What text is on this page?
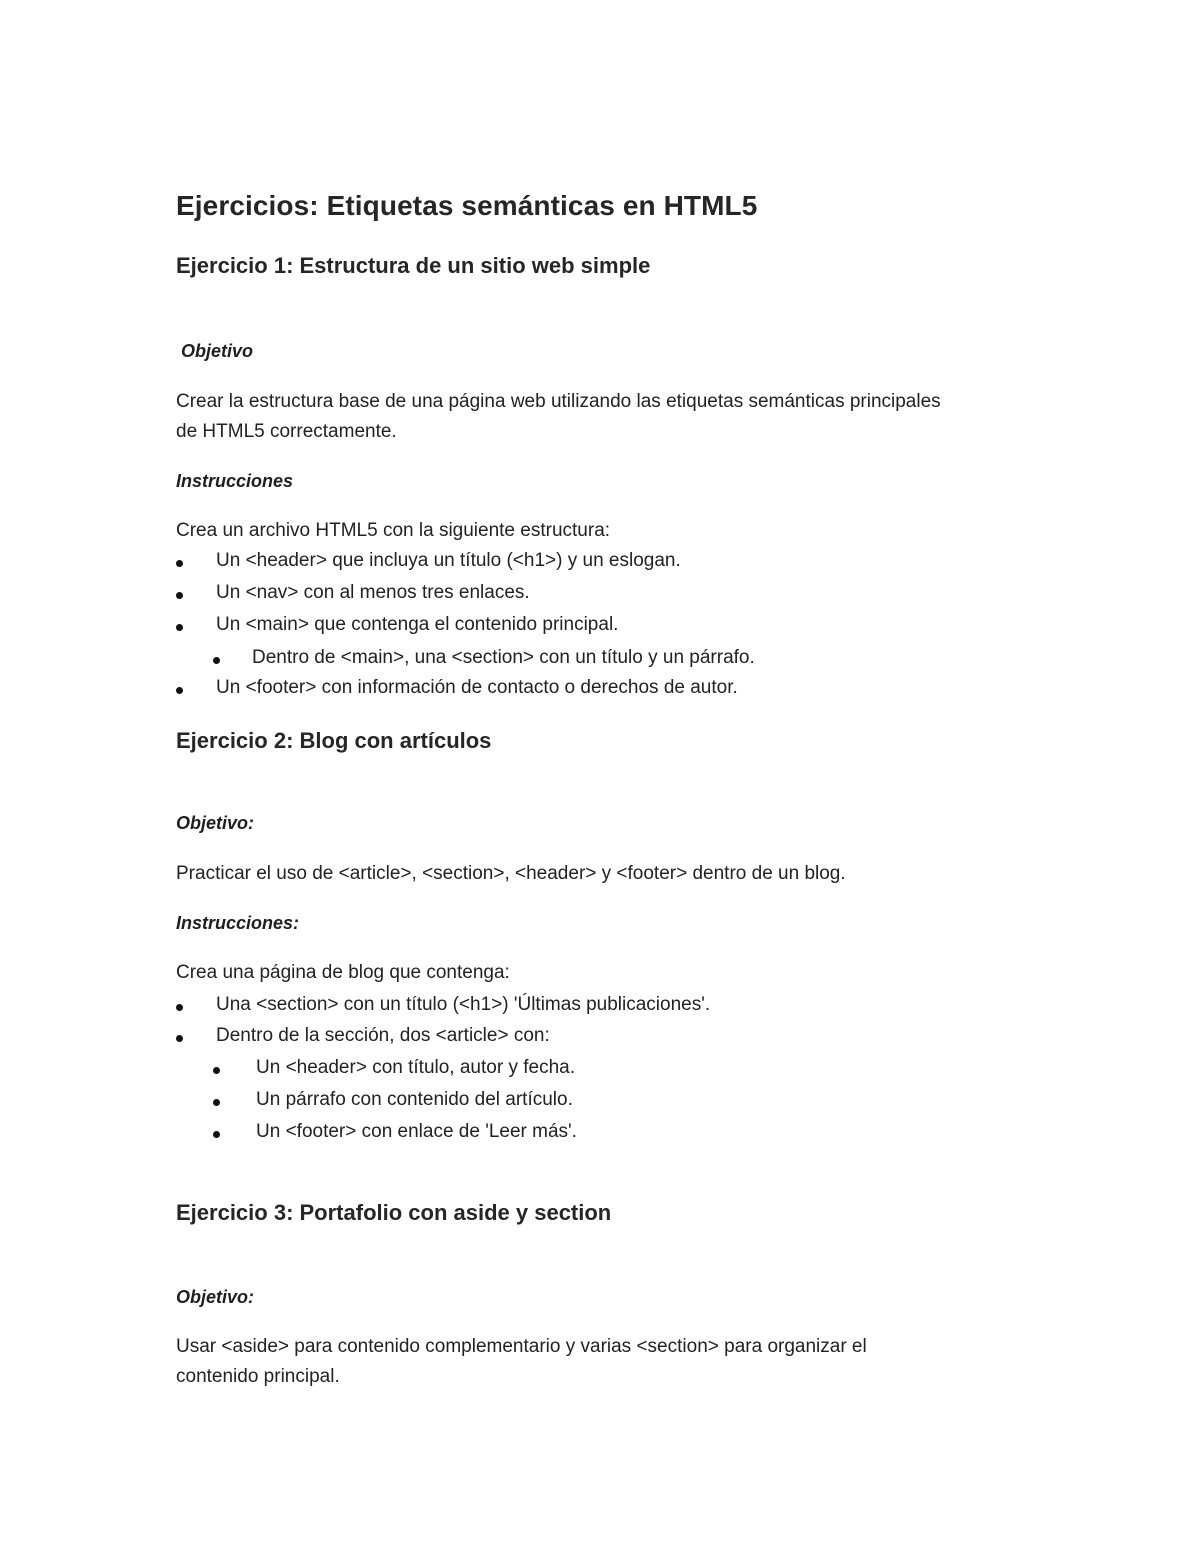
Ejercicios: Etiquetas semánticas en HTML5
Ejercicio 1: Estructura de un sitio web simple
Objetivo
Crear la estructura base de una página web utilizando las etiquetas semánticas principales
de HTML5 correctamente.
Instrucciones
Crea un archivo HTML5 con la siguiente estructura:
Un <header> que incluya un título (<h1>) y un eslogan.
Un <nav> con al menos tres enlaces.
Un <main> que contenga el contenido principal.
Dentro de <main>, una <section> con un título y un párrafo.
Un <footer> con información de contacto o derechos de autor.
Ejercicio 2: Blog con artículos
Objetivo:
Practicar el uso de <article>, <section>, <header> y <footer> dentro de un blog.
Instrucciones:
Crea una página de blog que contenga:
Una <section> con un título (<h1>) 'Últimas publicaciones'.
Dentro de la sección, dos <article> con:
Un <header> con título, autor y fecha.
Un párrafo con contenido del artículo.
Un <footer> con enlace de 'Leer más'.
Ejercicio 3: Portafolio con aside y section
Objetivo:
Usar <aside> para contenido complementario y varias <section> para organizar el
contenido principal.
